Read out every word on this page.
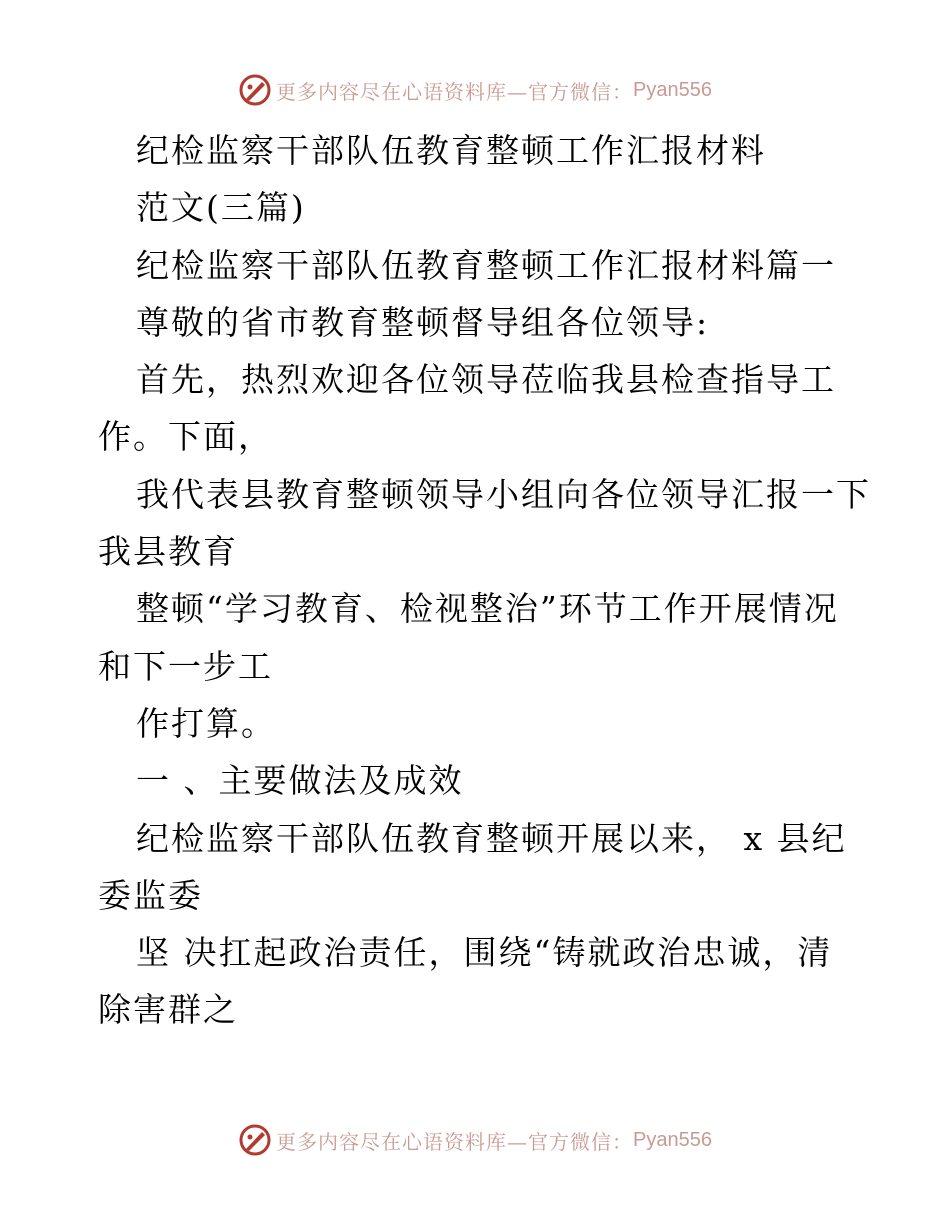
更多内容尽在心语资料库—官方微信： Pyan556
纪检监察干部队伍教育整顿工作汇报材料
范文(三篇)
纪检监察干部队伍教育整顿工作汇报材料篇一
尊敬的省市教育整顿督导组各位领导:
首先，热烈欢迎各位领导莅临我县检查指导工
作。下面，
我代表县教育整顿领导小组向各位领导汇报一下
我县教育
整顿“学习教育、检视整治”环节工作开展情况
和下一步工
作打算。
一 、主要做法及成效
纪检监察干部队伍教育整顿开展以来， x 县纪
委监委
坚 决扛起政治责任，围绕“铸就政治忠诚，清
除害群之
更多内容尽在心语资料库—官方微信： Pyan556
